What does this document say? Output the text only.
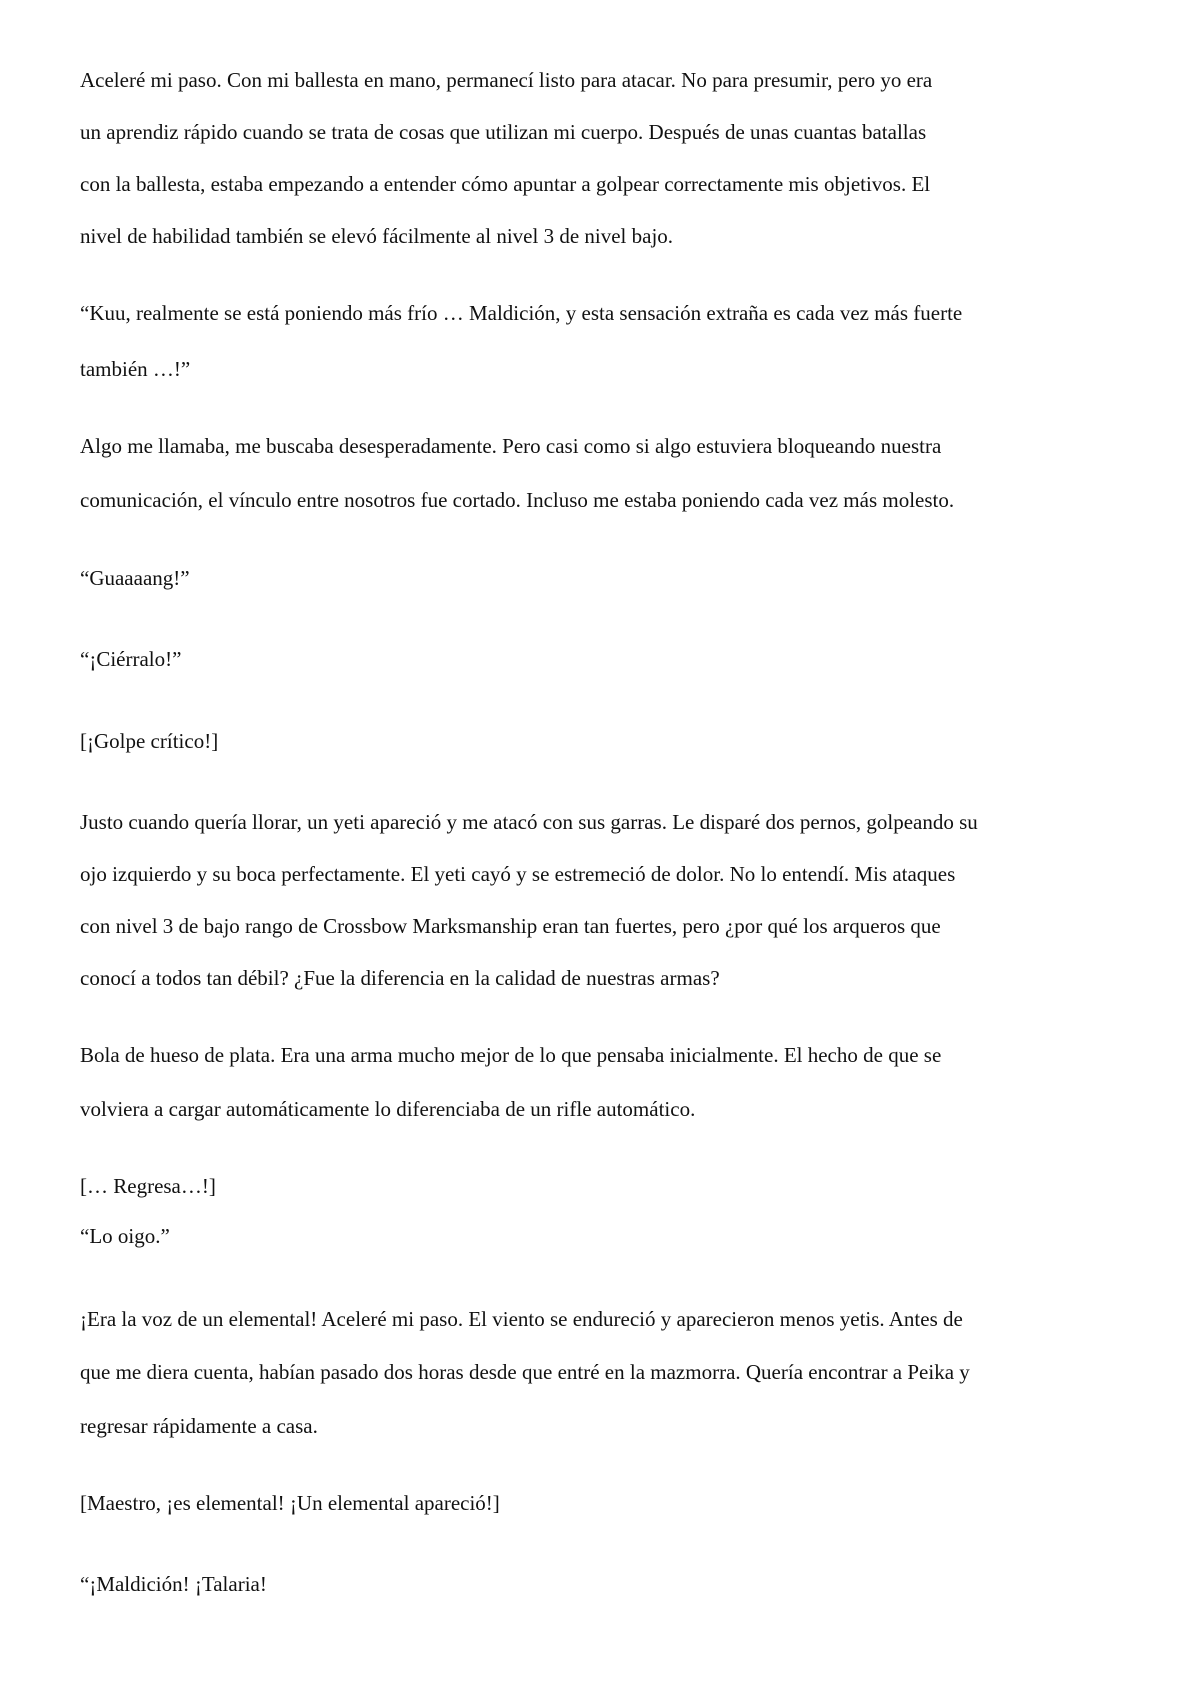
Aceleré mi paso. Con mi ballesta en mano, permanecí listo para atacar. No para presumir, pero yo era

un aprendiz rápido cuando se trata de cosas que utilizan mi cuerpo. Después de unas cuantas batallas

con la ballesta, estaba empezando a entender cómo apuntar a golpear correctamente mis objetivos. El

nivel de habilidad también se elevó fácilmente al nivel 3 de nivel bajo.

“Kuu, realmente se está poniendo más frío … Maldición, y esta sensación extraña es cada vez más fuerte

también …!”

Algo me llamaba, me buscaba desesperadamente. Pero casi como si algo estuviera bloqueando nuestra

comunicación, el vínculo entre nosotros fue cortado. Incluso me estaba poniendo cada vez más molesto.

“Guaaaang!”

“¡Ciérralo!”

[¡Golpe crítico!]

Justo cuando quería llorar, un yeti apareció y me atacó con sus garras. Le disparé dos pernos, golpeando su

ojo izquierdo y su boca perfectamente. El yeti cayó y se estremeció de dolor. No lo entendí. Mis ataques

con nivel 3 de bajo rango de Crossbow Marksmanship eran tan fuertes, pero ¿por qué los arqueros que

conocí a todos tan débil? ¿Fue la diferencia en la calidad de nuestras armas?

Bola de hueso de plata. Era una arma mucho mejor de lo que pensaba inicialmente. El hecho de que se

volviera a cargar automáticamente lo diferenciaba de un rifle automático.

[… Regresa…!]

“Lo oigo.”

¡Era la voz de un elemental! Aceleré mi paso. El viento se endureció y aparecieron menos yetis. Antes de

que me diera cuenta, habían pasado dos horas desde que entré en la mazmorra. Quería encontrar a Peika y

regresar rápidamente a casa.

[Maestro, ¡es elemental! ¡Un elemental apareció!]

“¡Maldición! ¡Talaria!
